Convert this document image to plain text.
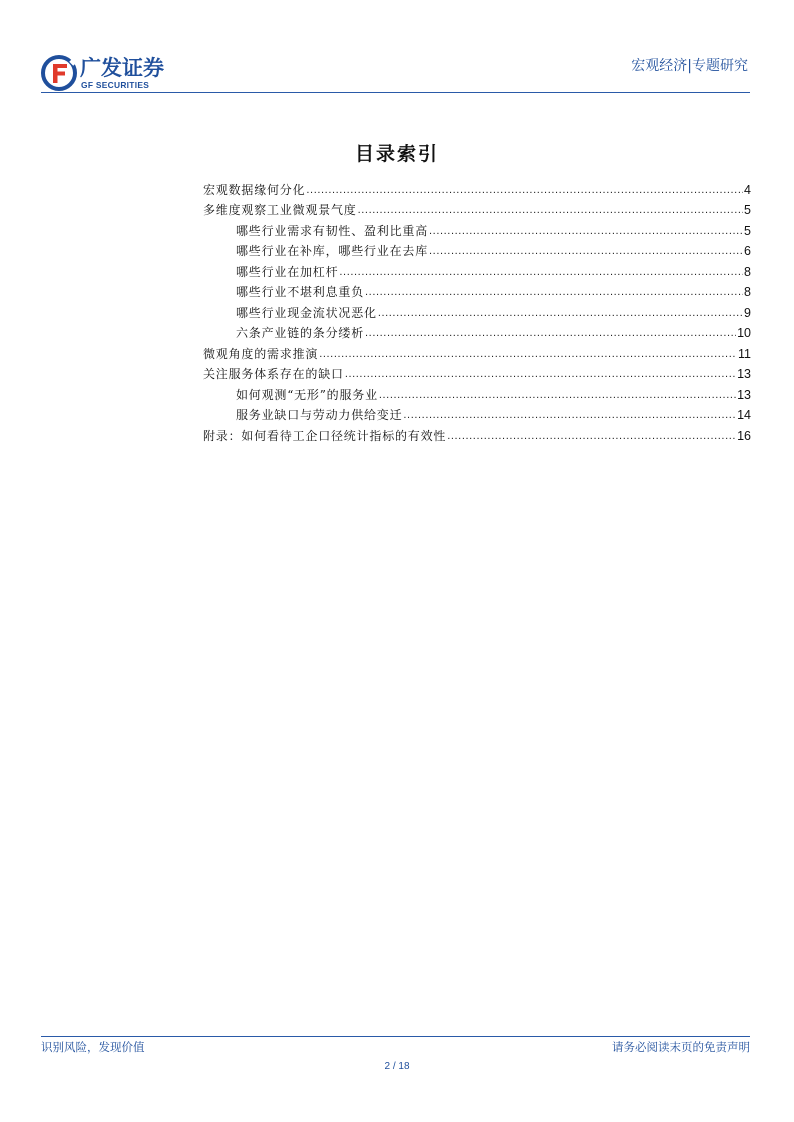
广发证券
GF SECURITIES
宏观经济|专题研究
目录索引
宏观数据缘何分化 .....	4
多维度观察工业微观景气度 .....	5
哪些行业需求有韧性、盈利比重高 .....	5
哪些行业在补库，哪些行业在去库 .....	6
哪些行业在加杠杆 .....	8
哪些行业不堪利息重负 .....	8
哪些行业现金流状况恶化 .....	9
六条产业链的条分缕析 .....	10
微观角度的需求推演 .....	11
关注服务体系存在的缺口 .....	13
如何观测“无形”的服务业 .....	13
服务业缺口与劳动力供给变迁 .....	14
附录：如何看待工企口径统计指标的有效性 .....	16
识别风险，发现价值	请务必阅读末页的免责声明
2 / 18
